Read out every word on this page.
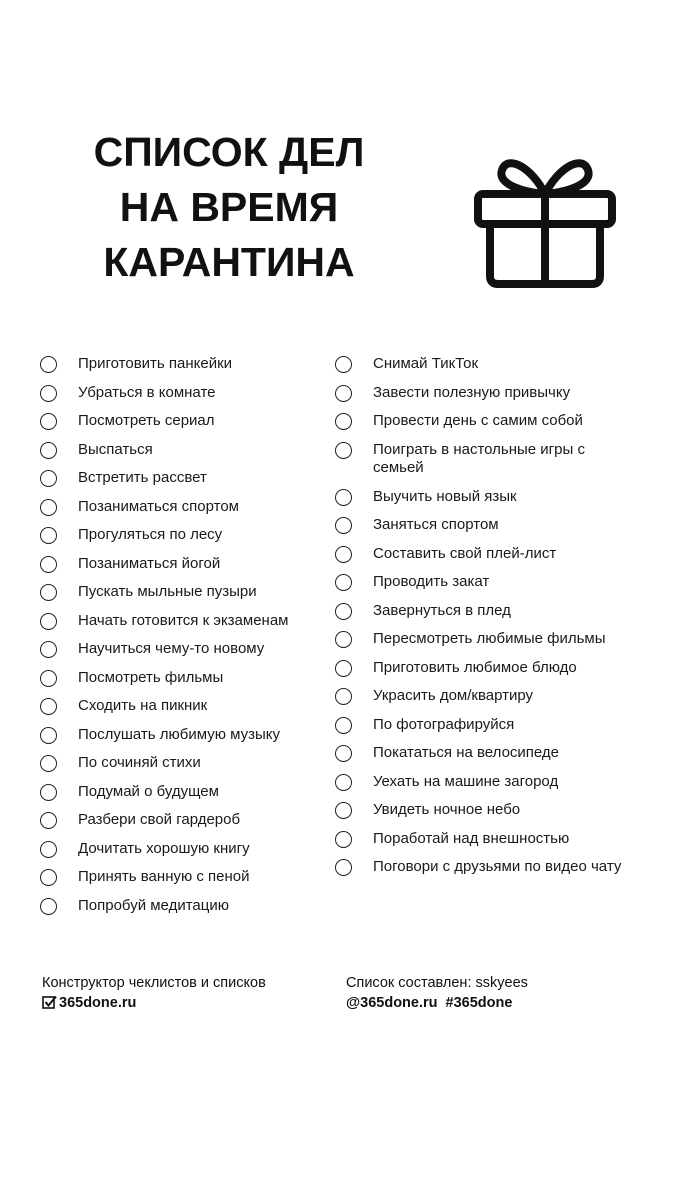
СПИСОК ДЕЛ
НА ВРЕМЯ
КАРАНТИНА
Приготовить панкейки
Убраться в комнате
Посмотреть сериал
Выспаться
Встретить рассвет
Позаниматься спортом
Прогуляться по лесу
Позаниматься йогой
Пускать мыльные пузыри
Начать готовится к экзаменам
Научиться чему-то новому
Посмотреть фильмы
Сходить на пикник
Послушать любимую музыку
По сочиняй стихи
Подумай о будущем
Разбери свой гардероб
Дочитать хорошую книгу
Принять ванную с пеной
Попробуй медитацию
Снимай ТикТок
Завести полезную привычку
Провести день с самим собой
Поиграть в настольные игры с семьей
Выучить новый язык
Заняться спортом
Составить свой плей-лист
Проводить закат
Завернуться в плед
Пересмотреть любимые фильмы
Приготовить любимое блюдо
Украсить дом/квартиру
По фотографируйся
Покататься на велосипеде
Уехать на машине загород
Увидеть ночное небо
Поработай над внешностью
Поговори с друзьями по видео чату
Конструктор чеклистов и списков
365done.ru
Список составлен: sskyees
@365done.ru  #365done
